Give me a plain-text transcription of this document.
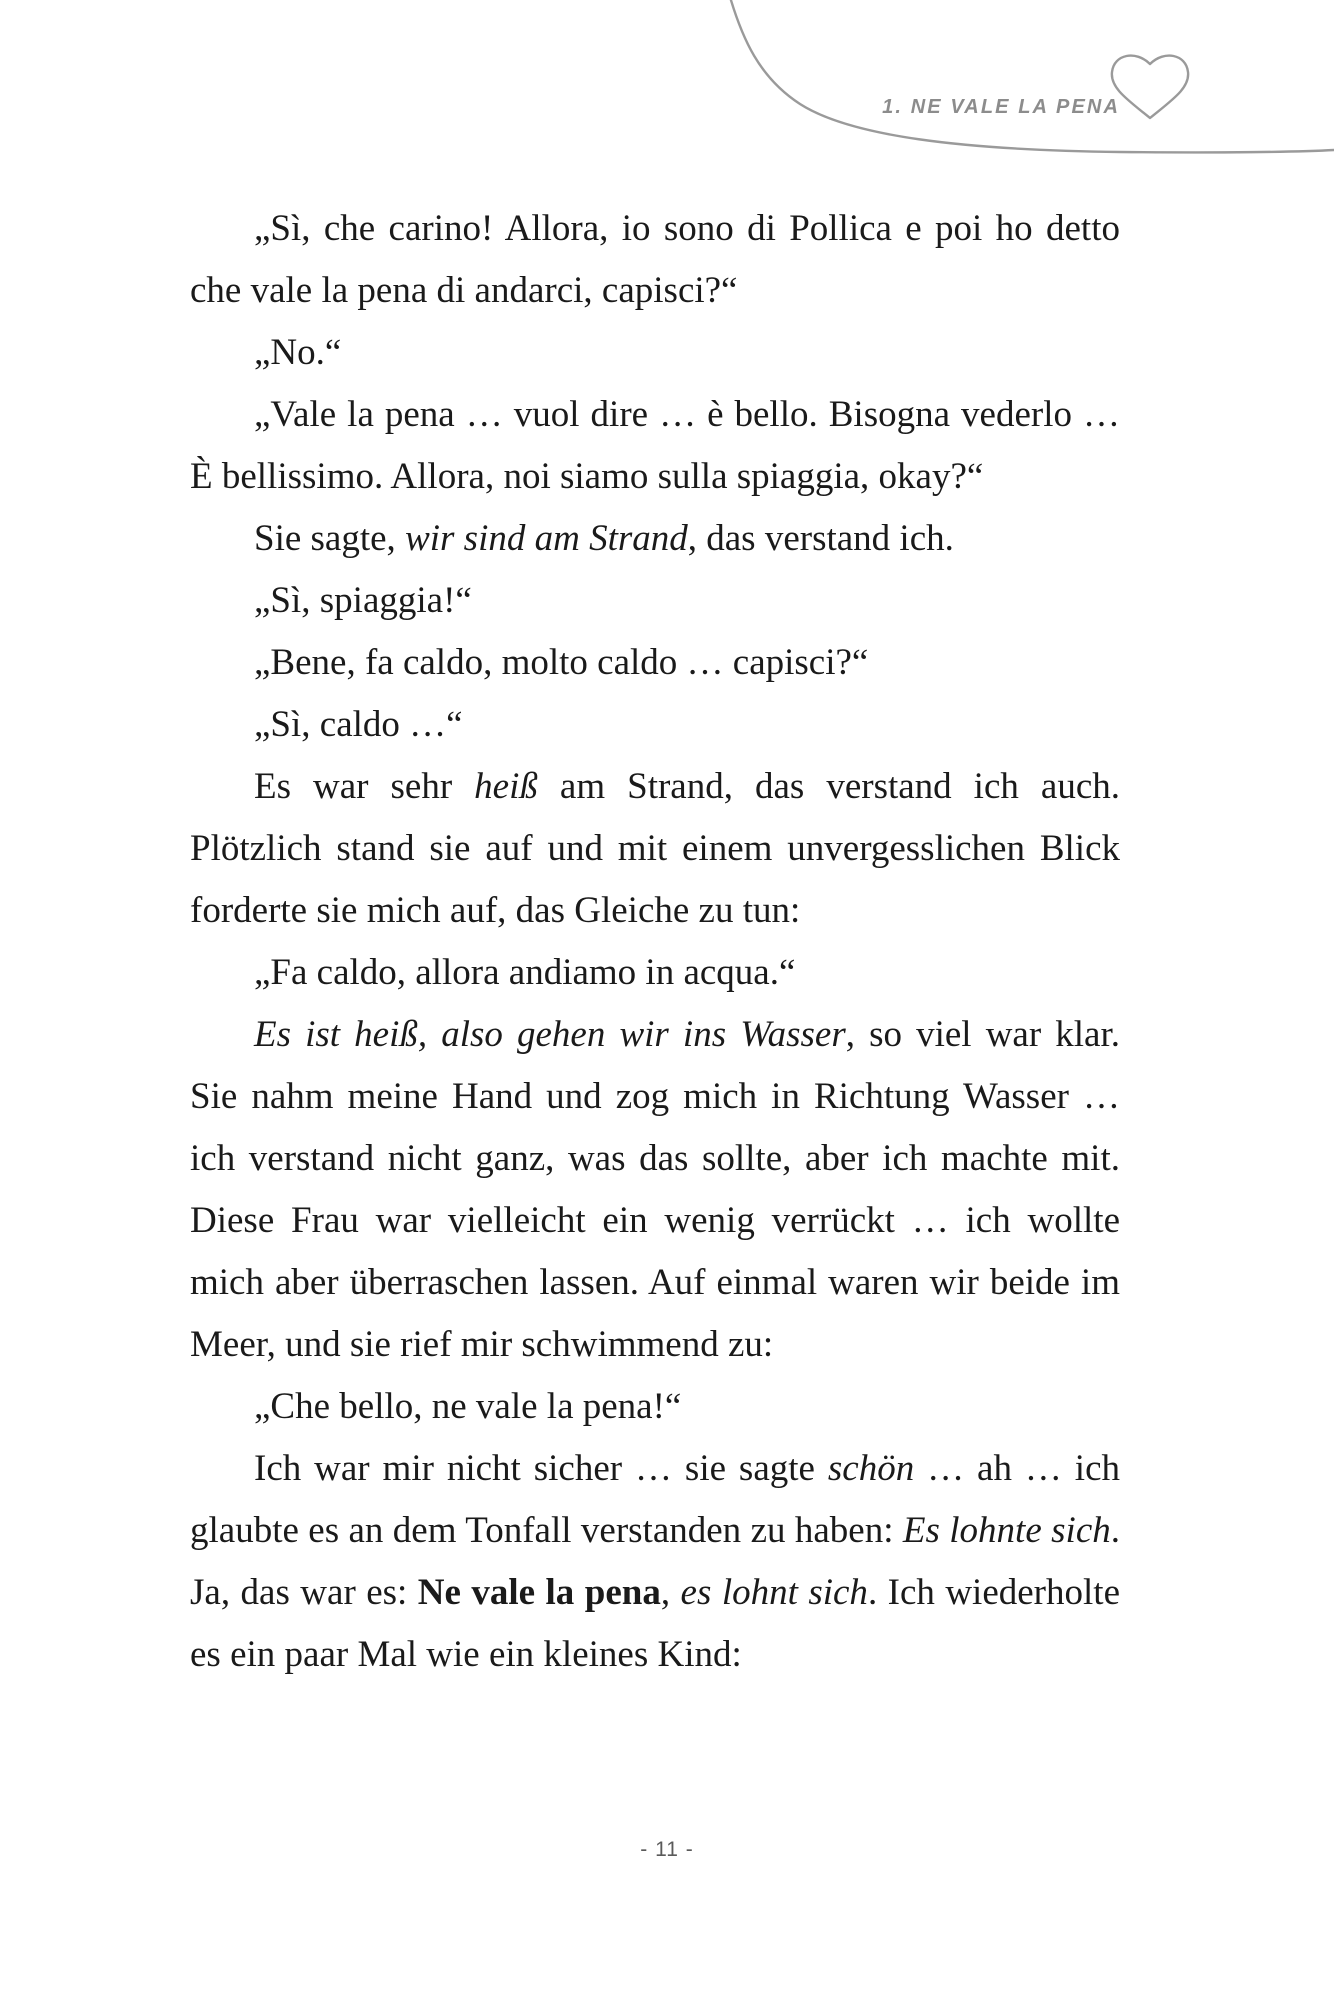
1. NE VALE LA PENA

„Sì, che carino! Allora, io sono di Pollica e poi ho detto che vale la pena di andarci, capisci?“

„No.“

„Vale la pena … vuol dire … è bello. Bisogna vederlo … È bellissimo. Allora, noi siamo sulla spiaggia, okay?“

Sie sagte, wir sind am Strand, das verstand ich.

„Sì, spiaggia!“

„Bene, fa caldo, molto caldo … capisci?“

„Sì, caldo …“

Es war sehr heiß am Strand, das verstand ich auch. Plötzlich stand sie auf und mit einem unvergesslichen Blick forderte sie mich auf, das Gleiche zu tun:

„Fa caldo, allora andiamo in acqua.“

Es ist heiß, also gehen wir ins Wasser, so viel war klar. Sie nahm meine Hand und zog mich in Richtung Wasser … ich verstand nicht ganz, was das sollte, aber ich machte mit. Diese Frau war vielleicht ein wenig verrückt … ich wollte mich aber überraschen lassen. Auf einmal waren wir beide im Meer, und sie rief mir schwimmend zu:

„Che bello, ne vale la pena!“

Ich war mir nicht sicher … sie sagte schön … ah … ich glaubte es an dem Tonfall verstanden zu haben: Es lohnte sich. Ja, das war es: Ne vale la pena, es lohnt sich. Ich wiederholte es ein paar Mal wie ein kleines Kind:

- 11 -
